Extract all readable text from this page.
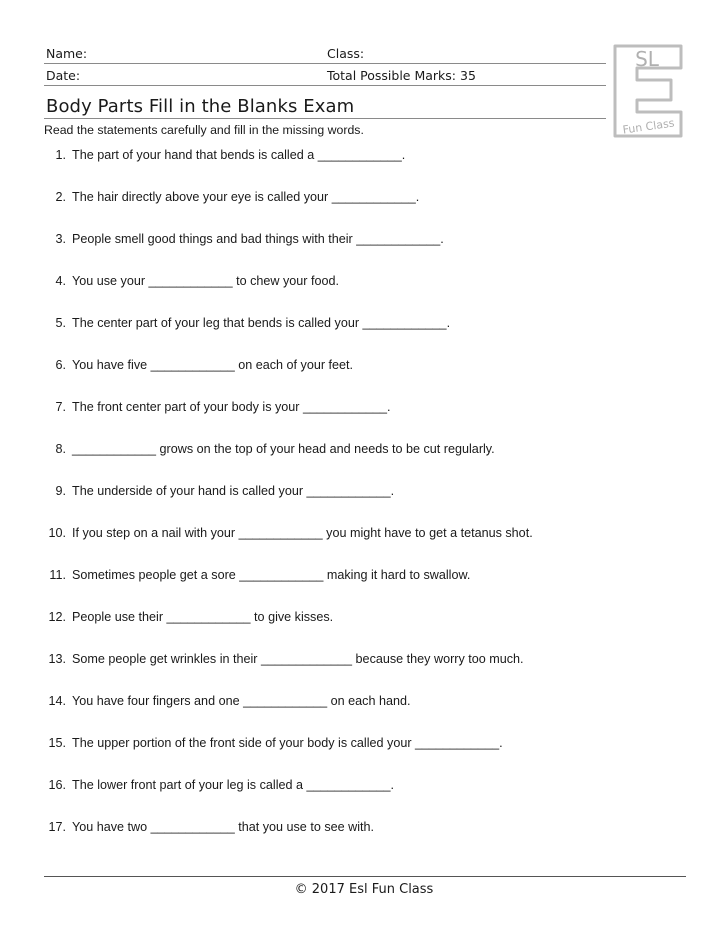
Name:	Class:
Date:	Total Possible Marks: 35
Body Parts Fill in the Blanks Exam
Read the statements carefully and fill in the missing words.
SL
Fun Class
1. The part of your hand that bends is called a ____________.
2. The hair directly above your eye is called your ____________.
3. People smell good things and bad things with their ____________.
4. You use your ____________ to chew your food.
5. The center part of your leg that bends is called your ____________.
6. You have five ____________ on each of your feet.
7. The front center part of your body is your ____________.
8. ____________ grows on the top of your head and needs to be cut regularly.
9. The underside of your hand is called your ____________.
10. If you step on a nail with your ____________ you might have to get a tetanus shot.
11. Sometimes people get a sore ____________ making it hard to swallow.
12. People use their ____________ to give kisses.
13. Some people get wrinkles in their _____________ because they worry too much.
14. You have four fingers and one ____________ on each hand.
15. The upper portion of the front side of your body is called your ____________.
16. The lower front part of your leg is called a ____________.
17. You have two ____________ that you use to see with.
© 2017 Esl Fun Class
